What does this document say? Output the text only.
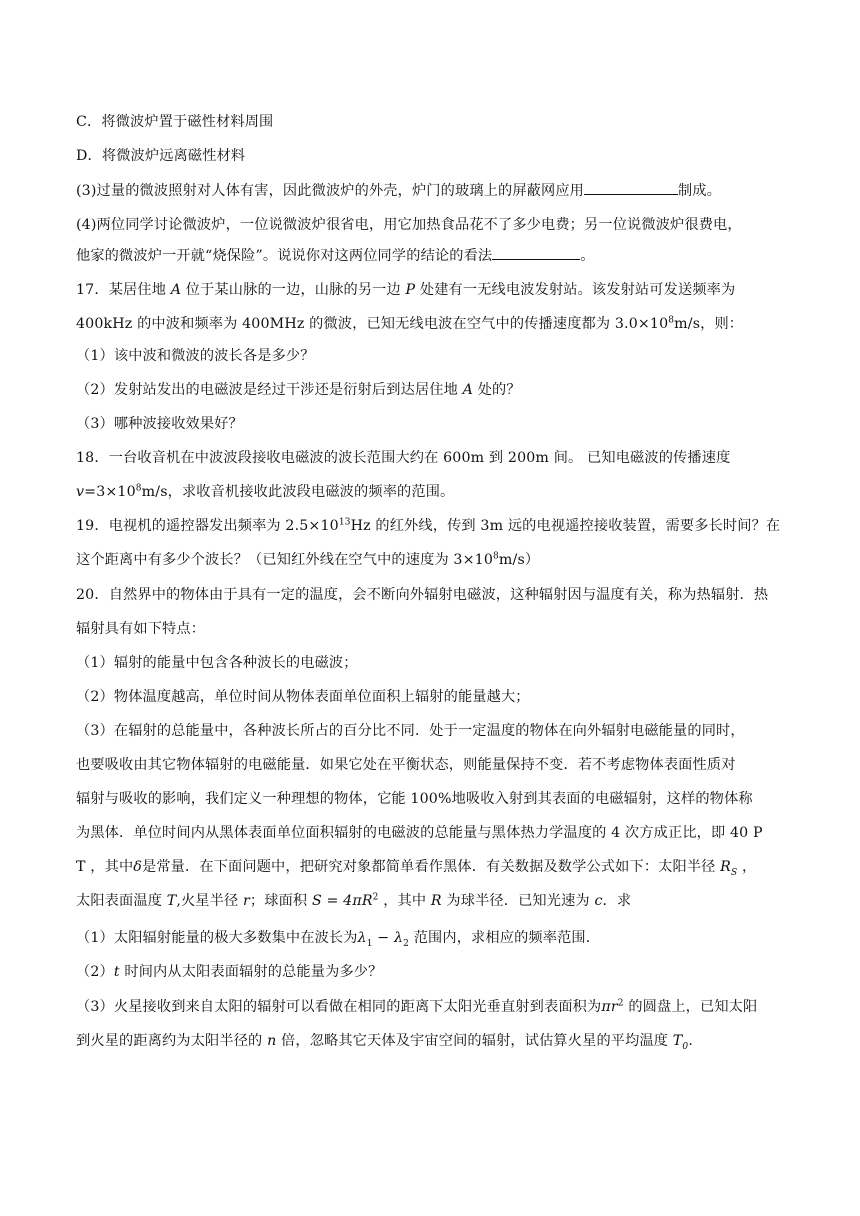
C．将微波炉置于磁性材料周围
D．将微波炉远离磁性材料
(3)过量的微波照射对人体有害，因此微波炉的外壳，炉门的玻璃上的屏蔽网应用	制成。
(4)两位同学讨论微波炉，一位说微波炉很省电，用它加热食品花不了多少电费；另一位说微波炉很费电，
他家的微波炉一开就“烧保险”。说说你对这两位同学的结论的看法	。
17．某居住地 A 位于某山脉的一边，山脉的另一边 P 处建有一无线电波发射站。该发射站可发送频率为
400kHz 的中波和频率为 400MHz 的微波，已知无线电波在空气中的传播速度都为 $3.0\times 10^8m/s$，则：
（1）该中波和微波的波长各是多少？
（2）发射站发出的电磁波是经过干涉还是衍射后到达居住地 A 处的？
（3）哪种波接收效果好？
18．一台收音机在中波波段接收电磁波的波长范围大约在 600m 到 200m 间。 已知电磁波的传播速度
$v=3\times 10^8m/s$，求收音机接收此波段电磁波的频率的范围。
19．电视机的遥控器发出频率为 $2.5\times 10^{13}Hz$ 的红外线，传到 3m 远的电视遥控接收装置，需要多长时间？在
这个距离中有多少个波长？（已知红外线在空气中的速度为 $3\times 10^8m/s$）
20．自然界中的物体由于具有一定的温度，会不断向外辐射电磁波，这种辐射因与温度有关，称为热辐射．热
辐射具有如下特点：
（1）辐射的能量中包含各种波长的电磁波；
（2）物体温度越高，单位时间从物体表面单位面积上辐射的能量越大；
（3）在辐射的总能量中，各种波长所占的百分比不同．处于一定温度的物体在向外辐射电磁能量的同时，
也要吸收由其它物体辐射的电磁能量．如果它处在平衡状态，则能量保持不变．若不考虑物体表面性质对
辐射与吸收的影响，我们定义一种理想的物体，它能 100%地吸收入射到其表面的电磁辐射，这样的物体称
为黑体．单位时间内从黑体表面单位面积辐射的电磁波的总能量与黑体热力学温度的 4 次方成正比，即 40 P
T ，其中δ是常量．在下面问题中，把研究对象都简单看作黑体．有关数据及数学公式如下：太阳半径 $R_S$ ，
太阳表面温度 T,火星半径 r；球面积 $S = 4\pi R^2$ ，其中 R 为球半径．已知光速为 c．求
（1）太阳辐射能量的极大多数集中在波长为$\lambda_1 - \lambda_2$ 范围内，求相应的频率范围．
（2）t 时间内从太阳表面辐射的总能量为多少？
（3）火星接收到来自太阳的辐射可以看做在相同的距离下太阳光垂直射到表面积为$\pi r^2$ 的圆盘上，已知太阳
到火星的距离约为太阳半径的 n 倍，忽略其它天体及宇宙空间的辐射，试估算火星的平均温度 $T_0$.
